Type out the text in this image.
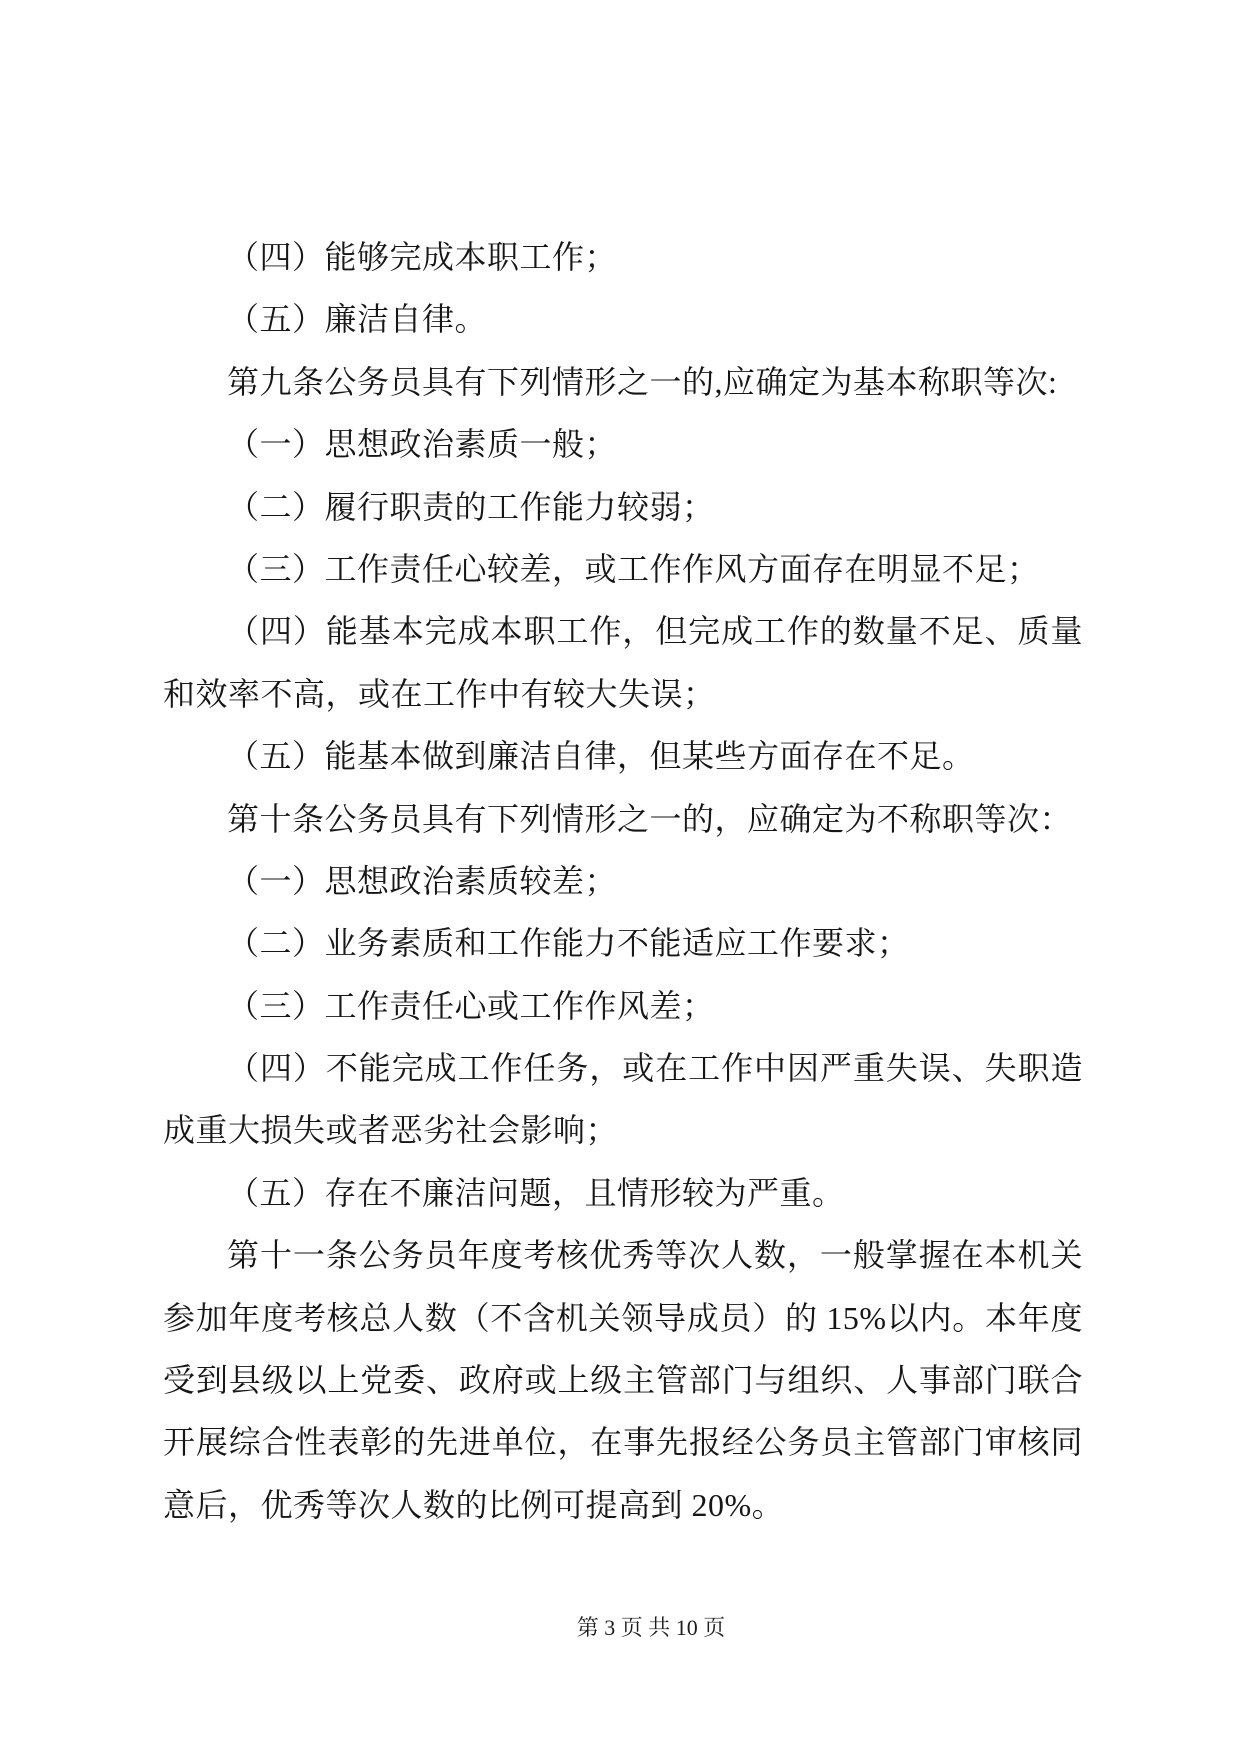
（四）能够完成本职工作；
（五）廉洁自律。
第九条公务员具有下列情形之一的,应确定为基本称职等次:
（一）思想政治素质一般；
（二）履行职责的工作能力较弱；
（三）工作责任心较差，或工作作风方面存在明显不足；
（四）能基本完成本职工作，但完成工作的数量不足、质量
和效率不高，或在工作中有较大失误；
（五）能基本做到廉洁自律，但某些方面存在不足。
第十条公务员具有下列情形之一的，应确定为不称职等次：
（一）思想政治素质较差；
（二）业务素质和工作能力不能适应工作要求；
（三）工作责任心或工作作风差；
（四）不能完成工作任务，或在工作中因严重失误、失职造
成重大损失或者恶劣社会影响；
（五）存在不廉洁问题，且情形较为严重。
第十一条公务员年度考核优秀等次人数，一般掌握在本机关
参加年度考核总人数（不含机关领导成员）的 15%以内。本年度
受到县级以上党委、政府或上级主管部门与组织、人事部门联合
开展综合性表彰的先进单位，在事先报经公务员主管部门审核同
意后，优秀等次人数的比例可提高到 20%。
第 3 页 共 10 页
